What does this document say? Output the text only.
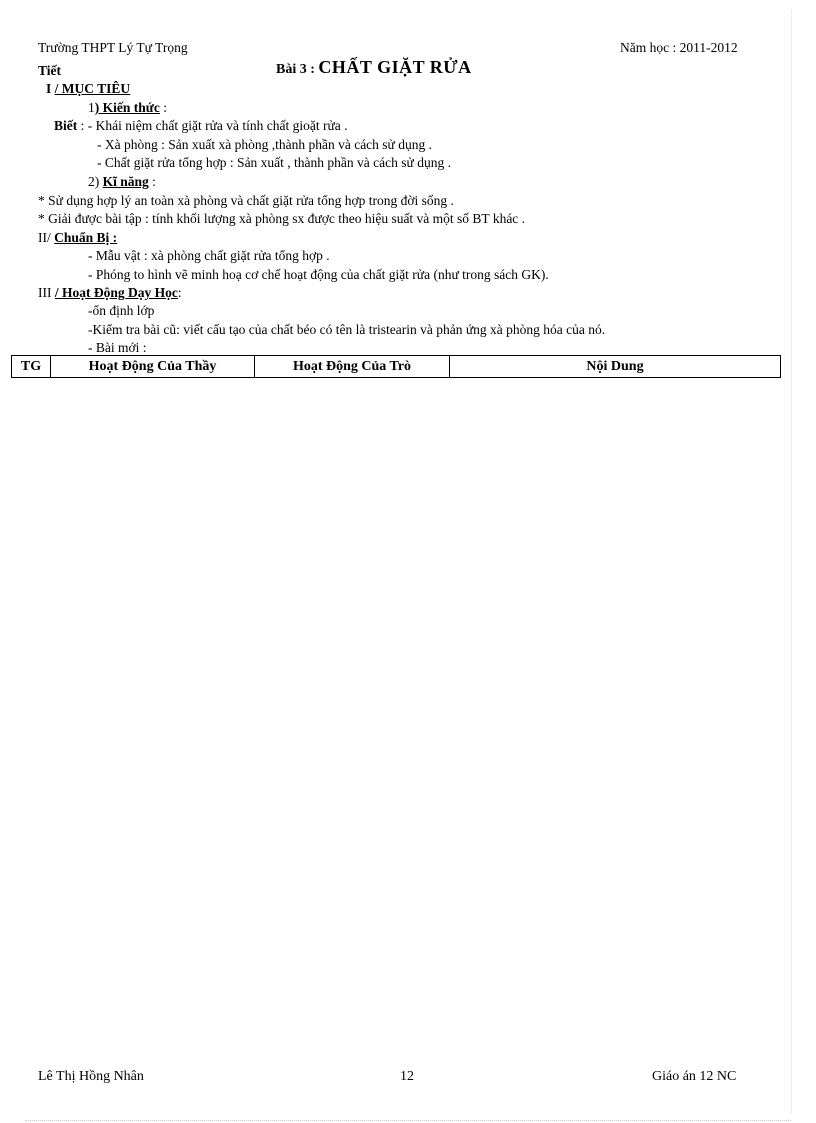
Trường THPT Lý Tự Trọng	Năm học : 2011-2012
Tiết	Bài 3 : CHẤT GIẶT RỬA
I / MỤC TIÊU
1) Kiến thức :
Biết : - Khái niệm chất giặt rửa và tính chất gioặt rửa .
- Xà phòng : Sản xuất xà phòng ,thành phần và cách sử dụng .
- Chất giặt rửa tổng hợp : Sản xuất , thành phần và cách sử dụng .
2) Kĩ năng :
* Sử dụng hợp lý an toàn xà phòng và chất giặt rửa tổng hợp trong đời sống .
* Giải được bài tập : tính khối lượng xà phòng sx được theo hiệu suất và một số BT khác .
II/ Chuẩn Bị :
- Mẫu vật : xà phòng chất giặt rửa tổng hợp .
- Phóng to hình vẽ minh hoạ cơ chế hoạt động của chất giặt rửa (như trong sách GK).
III / Hoạt Động Dạy Học:
-ổn định lớp
-Kiểm tra bài cũ: viết cấu tạo của chất béo có tên là tristearin và phản ứng xà phòng hóa của nó.
- Bài mới :
TG	Hoạt Động Của Thầy	Hoạt Động Của Trò	Nội Dung
Lê Thị Hồng Nhân	12	Giáo án 12 NC
